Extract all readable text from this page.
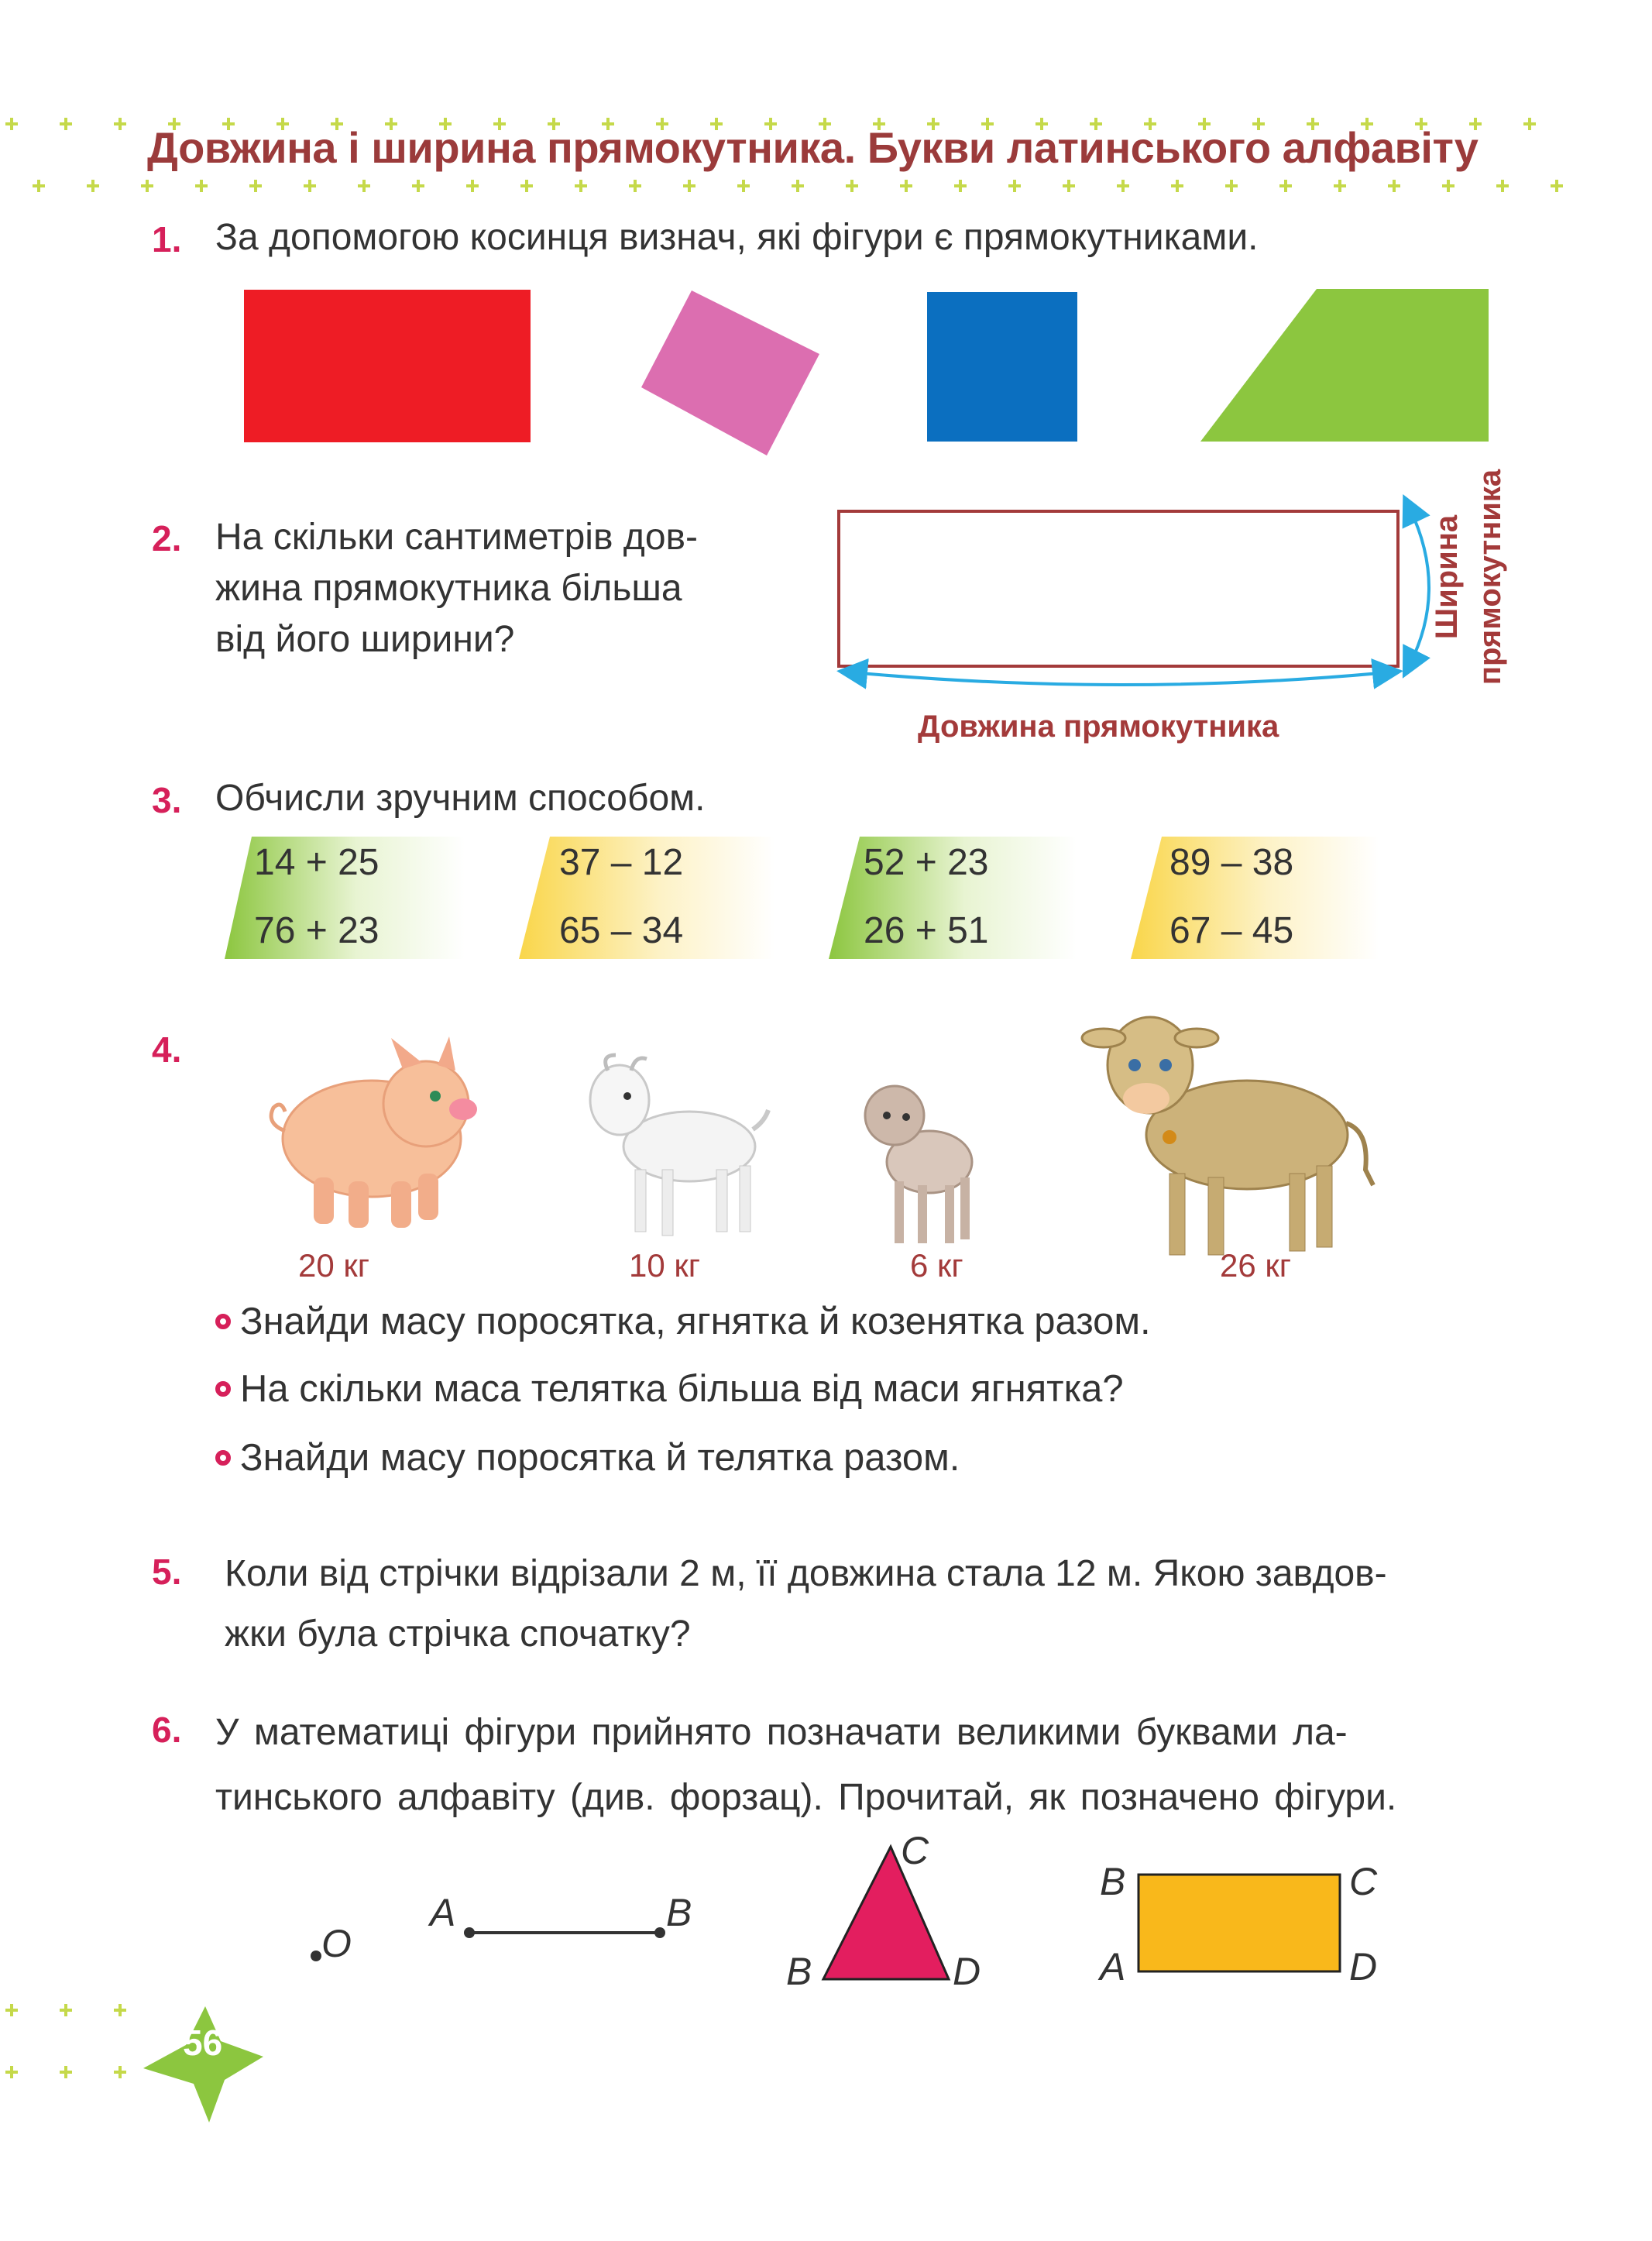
Довжина і ширина прямокутника. Букви латинського алфавіту
1. За допомогою косинця визнач, які фігури є прямокутниками.
2. На скільки сантиметрів дов-
жина прямокутника більша
від його ширини?
Довжина прямокутника
Ширина прямокутника
3. Обчисли зручним способом.
14 + 25
76 + 23
37 – 12
65 – 34
52 + 23
26 + 51
89 – 38
67 – 45
4.
20 кг	10 кг	6 кг	26 кг
Знайди масу поросятка, ягнятка й козенятка разом.
На скільки маса телятка більша від маси ягнятка?
Знайди масу поросятка й телятка разом.
5. Коли від стрічки відрізали 2 м, її довжина стала 12 м. Якою завдов-
жки була стрічка спочатку?
6. У математиці фігури прийнято позначати великими буквами ла-
тинського алфавіту (див. форзац). Прочитай, як позначено фігури.
O
A	B
C
B	D
B	C
A	D
56
